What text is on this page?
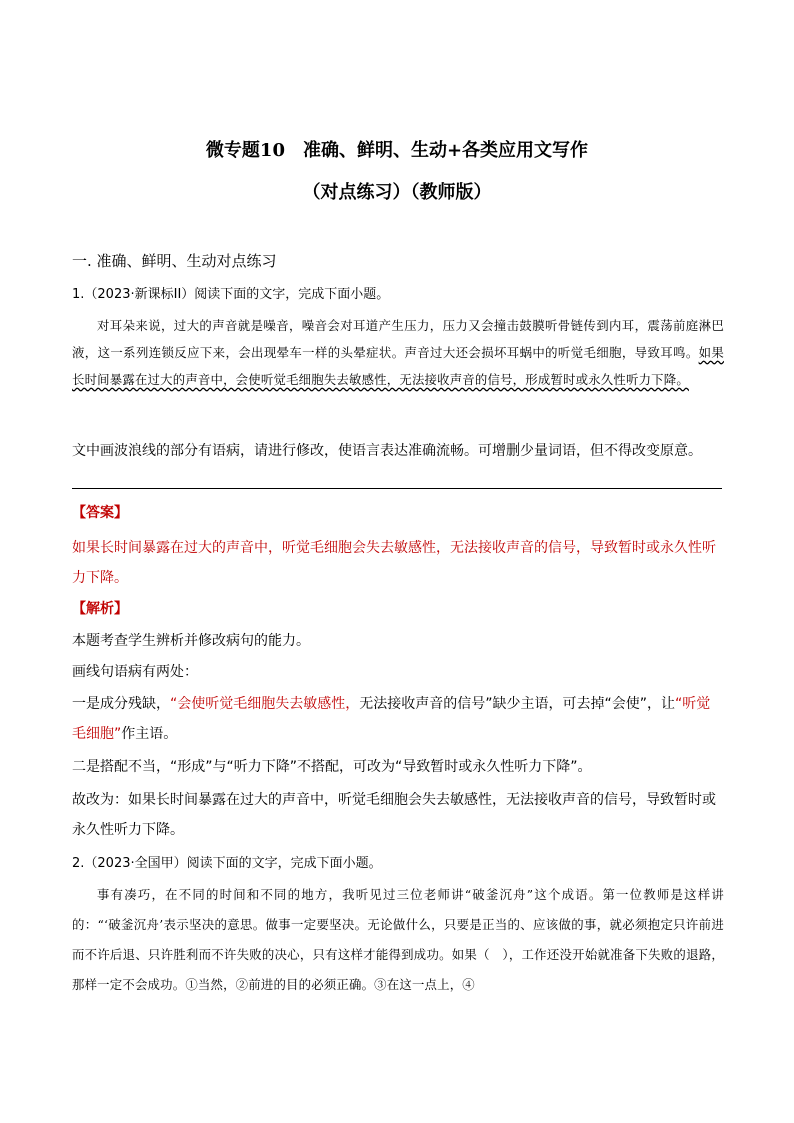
微专题10　准确、鲜明、生动+各类应用文写作
（对点练习）（教师版）
一. 准确、鲜明、生动对点练习
1.（2023·新课标II）阅读下面的文字，完成下面小题。
对耳朵来说，过大的声音就是噪音，噪音会对耳道产生压力，压力又会撞击鼓膜听骨链传到内耳，震荡前庭淋巴液，这一系列连锁反应下来，会出现晕车一样的头晕症状。声音过大还会损坏耳蜗中的听觉毛细胞，导致耳鸣。如果长时间暴露在过大的声音中，会使听觉毛细胞失去敏感性，无法接收声音的信号，形成暂时或永久性听力下降。
文中画波浪线的部分有语病，请进行修改，使语言表达准确流畅。可增删少量词语，但不得改变原意。
【答案】
如果长时间暴露在过大的声音中，听觉毛细胞会失去敏感性，无法接收声音的信号，导致暂时或永久性听力下降。
【解析】
本题考查学生辨析并修改病句的能力。
画线句语病有两处：
一是成分残缺，“会使听觉毛细胞失去敏感性，无法接收声音的信号”缺少主语，可去掉“会使”，让“听觉毛细胞”作主语。
二是搭配不当，“形成”与“听力下降”不搭配，可改为“导致暂时或永久性听力下降”。
故改为：如果长时间暴露在过大的声音中，听觉毛细胞会失去敏感性，无法接收声音的信号，导致暂时或永久性听力下降。
2.（2023·全国甲）阅读下面的文字，完成下面小题。
事有凑巧，在不同的时间和不同的地方，我听见过三位老师讲“破釜沉舟”这个成语。第一位教师是这样讲的：“‘破釜沉舟’表示坚决的意思。做事一定要坚决。无论做什么，只要是正当的、应该做的事，就必须抱定只许前进而不许后退、只许胜利而不许失败的决心，只有这样才能得到成功。如果（　），工作还没开始就准备下失败的退路，那样一定不会成功。①当然，②前进的目的必须正确。③在这一点上，④
